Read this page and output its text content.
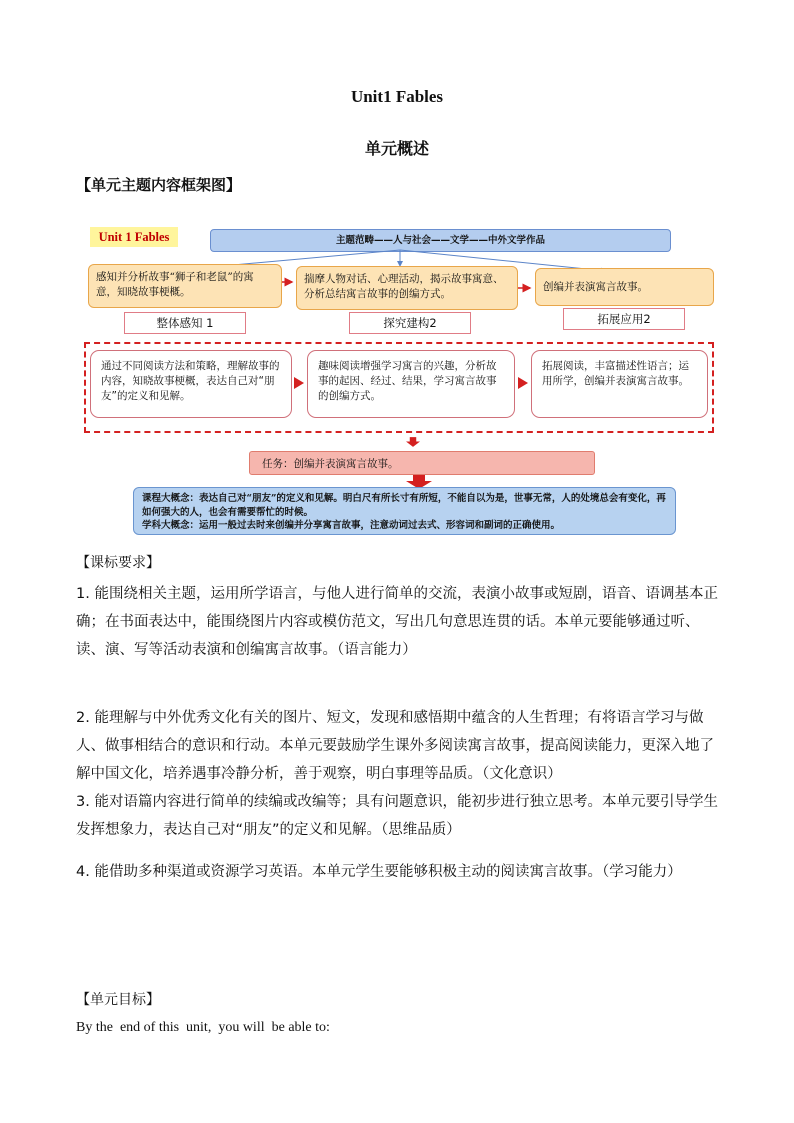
Unit1 Fables
单元概述
【单元主题内容框架图】
Unit 1 Fables	主题范畴——人与社会——文学——中外文学作品
感知并分析故事“狮子和老鼠”的寓意，知晓故事梗概。
揣摩人物对话、心理活动，揭示故事寓意、分析总结寓言故事的创编方式。
创编并表演寓言故事。
整体感知 1	探究建构2	拓展应用2
通过不同阅读方法和策略，理解故事的内容，知晓故事梗概，表达自己对“朋友”的定义和见解。
趣味阅读增强学习寓言的兴趣，分析故事的起因、经过、结果，学习寓言故事的创编方式。
拓展阅读，丰富描述性语言；运用所学，创编并表演寓言故事。
任务：创编并表演寓言故事。
课程大概念：表达自己对“朋友”的定义和见解。明白尺有所长寸有所短，不能自以为是，世事无常，人的处境总会有变化，再如何强大的人，也会有需要帮忙的时候。
学科大概念：运用一般过去时来创编并分享寓言故事，注意动词过去式、形容词和副词的正确使用。
【课标要求】
1. 能围绕相关主题，运用所学语言，与他人进行简单的交流，表演小故事或短剧，语音、语调基本正确；在书面表达中，能围绕图片内容或模仿范文，写出几句意思连贯的话。本单元要能够通过听、读、演、写等活动表演和创编寓言故事。（语言能力）
2. 能理解与中外优秀文化有关的图片、短文，发现和感悟期中蕴含的人生哲理；有将语言学习与做人、做事相结合的意识和行动。本单元要鼓励学生课外多阅读寓言故事，提高阅读能力，更深入地了解中国文化，培养遇事冷静分析，善于观察，明白事理等品质。（文化意识）
3. 能对语篇内容进行简单的续编或改编等；具有问题意识，能初步进行独立思考。本单元要引导学生发挥想象力，表达自己对“朋友”的定义和见解。（思维品质）
4. 能借助多种渠道或资源学习英语。本单元学生要能够积极主动的阅读寓言故事。（学习能力）
【单元目标】
By the  end of this  unit,  you will  be able to:
